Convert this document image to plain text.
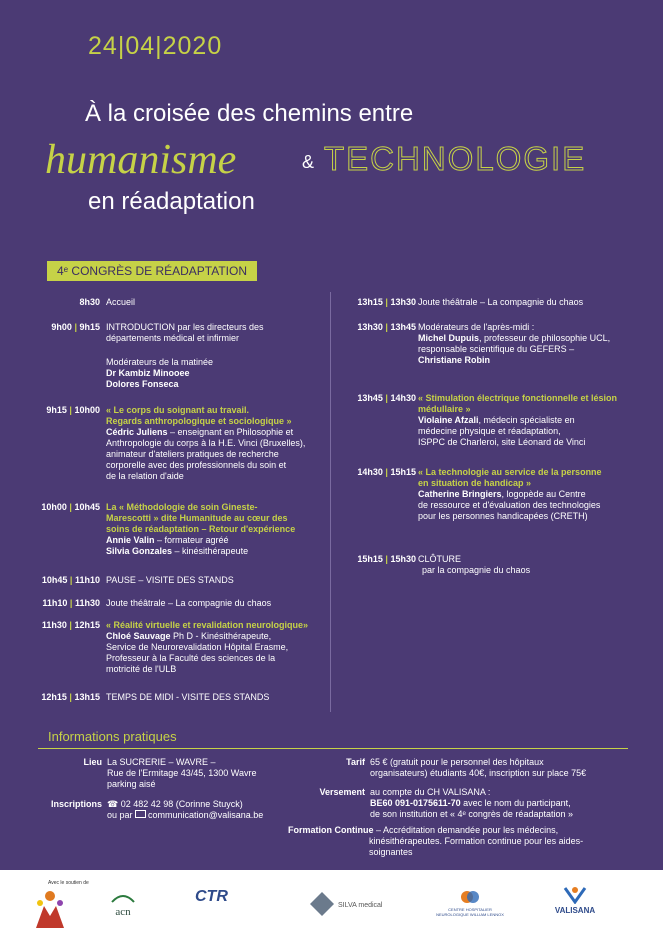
24|04|2020
À la croisée des chemins entre
humanisme	& TECHNOLOGIE
en réadaptation
4ᵉ CONGRÈS DE RÉADAPTATION
8h30 Accueil
9h00 | 9h15 INTRODUCTION par les directeurs des
départements médical et infirmier
Modérateurs de la matinée
Dr Kambiz Minooee
Dolores Fonseca
9h15 | 10h00 « Le corps du soignant au travail.
Regards anthropologique et sociologique »
Cédric Juliens – enseignant en Philosophie et
Anthropologie du corps à la H.E. Vinci (Bruxelles),
animateur d'ateliers pratiques de recherche
corporelle avec des professionnels du soin et
de la relation d'aide
10h00 | 10h45 La « Méthodologie de soin Gineste-
Marescotti » dite Humanitude au cœur des
soins de réadaptation – Retour d'expérience
Annie Valin – formateur agréé
Silvia Gonzales – kinésithérapeute
10h45 | 11h10 PAUSE – VISITE DES STANDS
11h10 | 11h30 Joute théâtrale – La compagnie du chaos
11h30 | 12h15 « Réalité virtuelle et revalidation neurologique»
Chloé Sauvage Ph D - Kinésithérapeute,
Service de Neurorevalidation Hôpital Erasme,
Professeur à la Faculté des sciences de la
motricité de l'ULB
12h15 | 13h15 TEMPS DE MIDI - VISITE DES STANDS
13h15 | 13h30 Joute théâtrale – La compagnie du chaos
13h30 | 13h45 Modérateurs de l'après-midi :
Michel Dupuis, professeur de philosophie UCL,
responsable scientifique du GEFERS –
Christiane Robin
13h45 | 14h30 « Stimulation électrique fonctionnelle et lésion
médullaire »
Violaine Afzali, médecin spécialiste en
médecine physique et réadaptation,
ISPPC de Charleroi, site Léonard de Vinci
14h30 | 15h15 « La technologie au service de la personne
en situation de handicap »
Catherine Bringiers, logopède au Centre
de ressource et d'évaluation des technologies
pour les personnes handicapées (CRETH)
15h15 | 15h30 CLÔTURE
par la compagnie du chaos
Informations pratiques
Lieu La SUCRERIE – WAVRE –
Rue de l'Ermitage 43/45, 1300 Wavre
parking aisé
Inscriptions ☎ 02 482 42 98 (Corinne Stuyck)
ou par communication@valisana.be
Tarif 65 € (gratuit pour le personnel des hôpitaux
organisateurs) étudiants 40€, inscription sur place 75€
Versement au compte du CH VALISANA :
BE60 091-0175611-70 avec le nom du participant,
de son institution et « 4ᵉ congrès de réadaptation »
Formation Continue – Accréditation demandée pour les médecins,
kinésithérapeutes. Formation continue pour les aides-
soignantes
Avec le soutien de
acn
CTR
SILVA medical
CENTRE HOSPITALIER NEUROLOGIQUE WILLIAM LENNOX	VALISANA
